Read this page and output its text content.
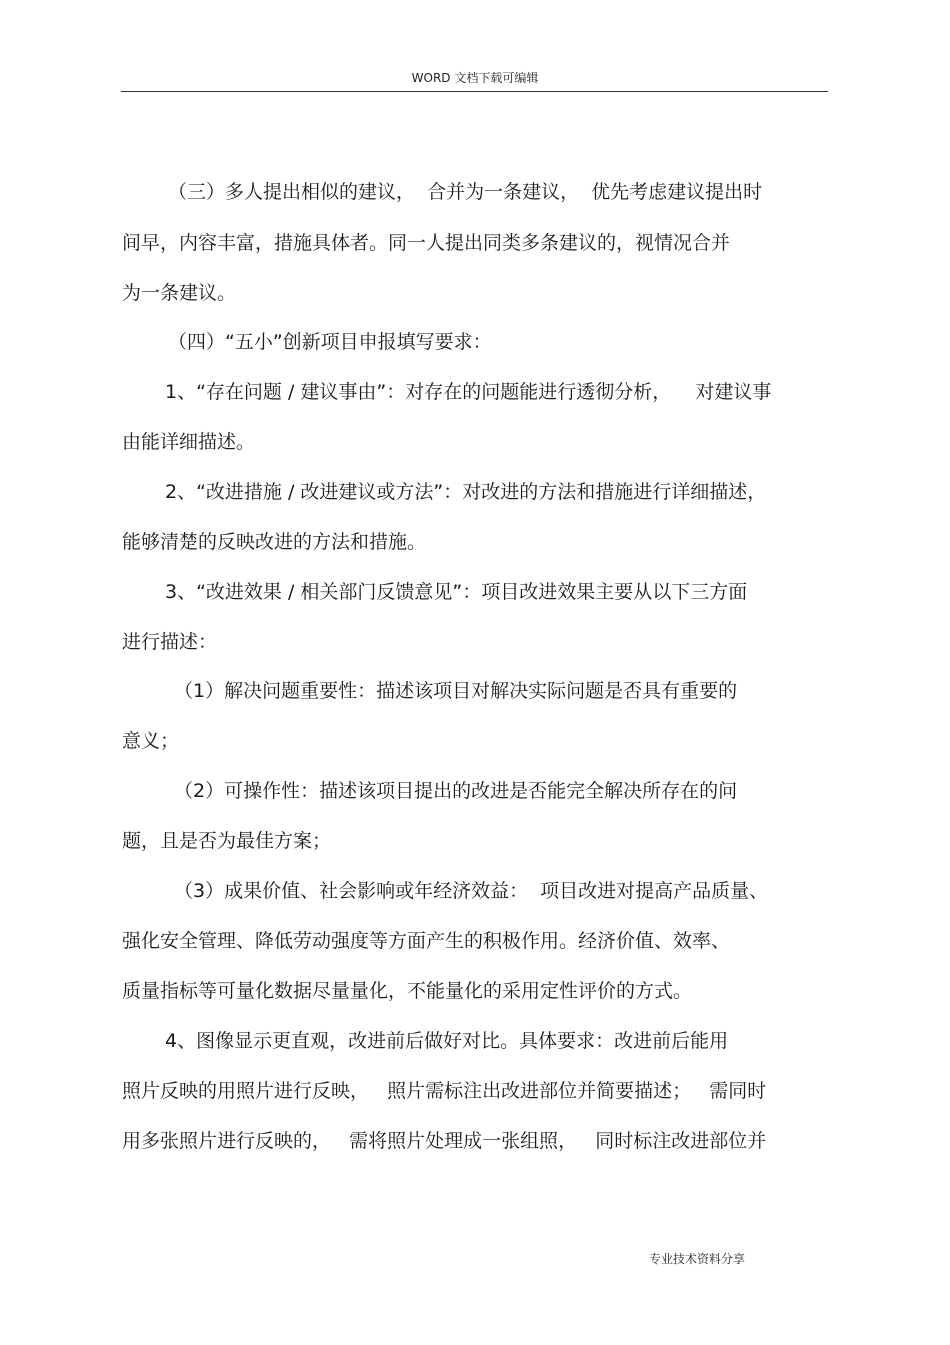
WORD 文档下载可编辑
（三）多人提出相似的建议，  合并为一条建议，  优先考虑建议提出时
间早，内容丰富，措施具体者。同一人提出同类多条建议的，视情况合并
为一条建议。
（四）“五小”创新项目申报填写要求：
1、“存在问题 / 建议事由”：对存在的问题能进行透彻分析，    对建议事
由能详细描述。
2、“改进措施 / 改进建议或方法”：对改进的方法和措施进行详细描述，
能够清楚的反映改进的方法和措施。
3、“改进效果 / 相关部门反馈意见”：项目改进效果主要从以下三方面
进行描述：
（1）解决问题重要性：描述该项目对解决实际问题是否具有重要的
意义；
（2）可操作性：描述该项目提出的改进是否能完全解决所存在的问
题，且是否为最佳方案；
（3）成果价值、社会影响或年经济效益：  项目改进对提高产品质量、
强化安全管理、降低劳动强度等方面产生的积极作用。经济价值、效率、
质量指标等可量化数据尽量量化，不能量化的采用定性评价的方式。
4、图像显示更直观，改进前后做好对比。具体要求：改进前后能用
照片反映的用照片进行反映，   照片需标注出改进部位并简要描述；   需同时
用多张照片进行反映的，   需将照片处理成一张组照，   同时标注改进部位并
专业技术资料分享
